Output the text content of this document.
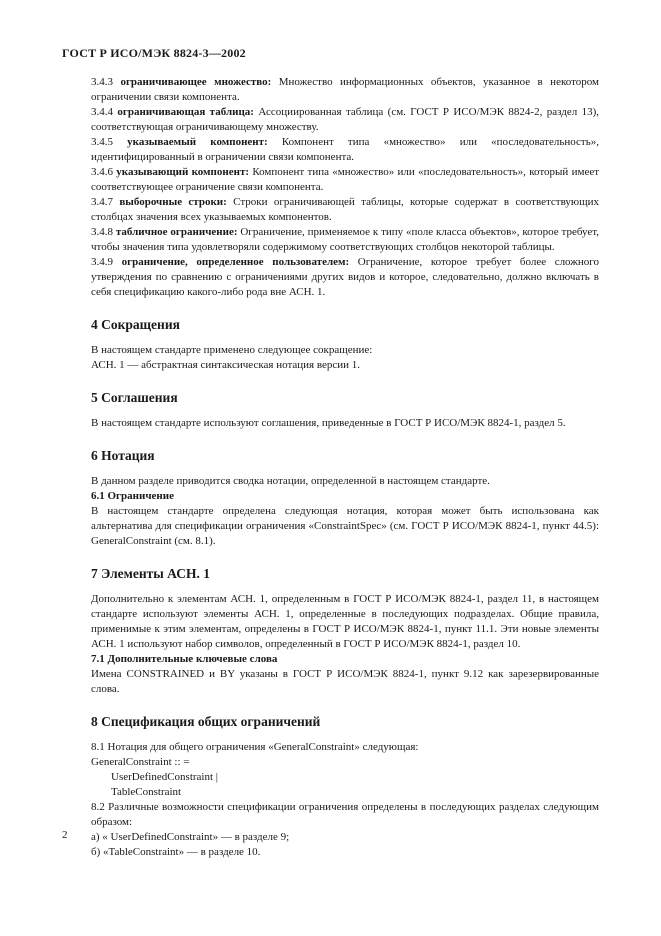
ГОСТ Р ИСО/МЭК 8824-3—2002

3.4.3 ограничивающее множество: Множество информационных объектов, указанное в некотором ограничении связи компонента.

3.4.4 ограничивающая таблица: Ассоциированная таблица (см. ГОСТ Р ИСО/МЭК 8824-2, раздел 13), соответствующая ограничивающему множеству.

3.4.5 указываемый компонент: Компонент типа «множество» или «последовательность», идентифицированный в ограничении связи компонента.

3.4.6 указывающий компонент: Компонент типа «множество» или «последовательность», который имеет соответствующее ограничение связи компонента.

3.4.7 выборочные строки: Строки ограничивающей таблицы, которые содержат в соответствующих столбцах значения всех указываемых компонентов.

3.4.8 табличное ограничение: Ограничение, применяемое к типу «поле класса объектов», которое требует, чтобы значения типа удовлетворяли содержимому соответствующих столбцов некоторой таблицы.

3.4.9 ограничение, определенное пользователем: Ограничение, которое требует более сложного утверждения по сравнению с ограничениями других видов и которое, следовательно, должно включать в себя спецификацию какого-либо рода вне АСН. 1.

4 Сокращения

В настоящем стандарте применено следующее сокращение:

АСН. 1 — абстрактная синтаксическая нотация версии 1.

5 Соглашения

В настоящем стандарте используют соглашения, приведенные в ГОСТ Р ИСО/МЭК 8824-1, раздел 5.

6 Нотация

В данном разделе приводится сводка нотации, определенной в настоящем стандарте.

6.1 Ограничение

В настоящем стандарте определена следующая нотация, которая может быть использована как альтернатива для спецификации ограничения «ConstraintSpec» (см. ГОСТ Р ИСО/МЭК 8824-1, пункт 44.5): GeneralConstraint (см. 8.1).

7 Элементы АСН. 1

Дополнительно к элементам АСН. 1, определенным в ГОСТ Р ИСО/МЭК 8824-1, раздел 11, в настоящем стандарте используют элементы АСН. 1, определенные в последующих подразделах. Общие правила, применимые к этим элементам, определены в ГОСТ Р ИСО/МЭК 8824-1, пункт 11.1. Эти новые элементы АСН. 1 используют набор символов, определенный в ГОСТ Р ИСО/МЭК 8824-1, раздел 10.

7.1 Дополнительные ключевые слова

Имена CONSTRAINED и BY указаны в ГОСТ Р ИСО/МЭК 8824-1, пункт 9.12 как зарезервированные слова.

8 Спецификация общих ограничений

8.1 Нотация для общего ограничения «GeneralConstraint» следующая:

GeneralConstraint :: =

UserDefinedConstraint |

TableConstraint

8.2 Различные возможности спецификации ограничения определены в последующих разделах следующим образом:

а) « UserDefinedConstraint» — в разделе 9;

б) «TableConstraint» — в разделе 10.

2
